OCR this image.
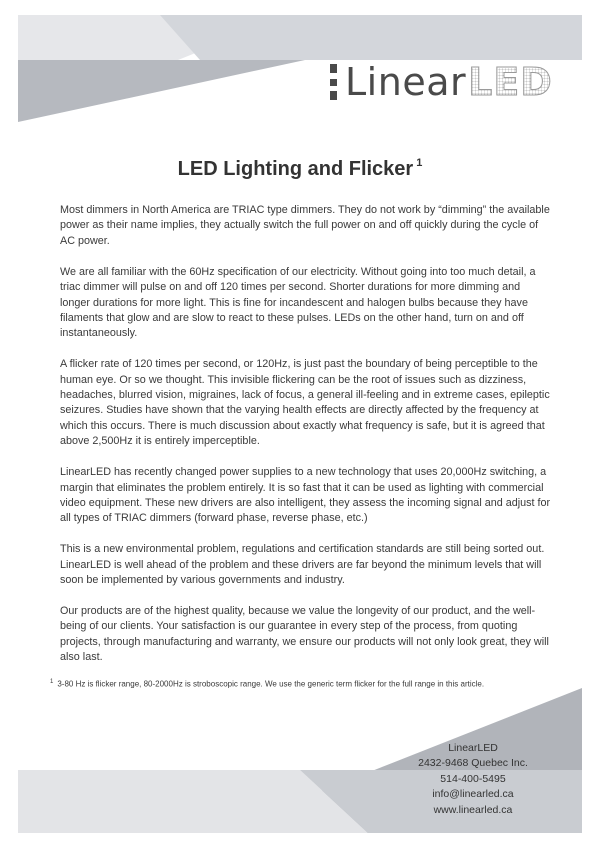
Linear LED
LED Lighting and Flicker $^1$

Most dimmers in North America are TRIAC type dimmers. They do not work by “dimming” the available power as their name implies, they actually switch the full power on and off quickly during the cycle of AC power.

We are all familiar with the 60Hz specification of our electricity. Without going into too much detail, a triac dimmer will pulse on and off 120 times per second. Shorter durations for more dimming and longer durations for more light. This is fine for incandescent and halogen bulbs because they have filaments that glow and are slow to react to these pulses. LEDs on the other hand, turn on and off instantaneously.

A flicker rate of 120 times per second, or 120Hz, is just past the boundary of being perceptible to the human eye. Or so we thought. This invisible flickering can be the root of issues such as dizziness, headaches, blurred vision, migraines, lack of focus, a general ill-feeling and in extreme cases, epileptic seizures. Studies have shown that the varying health effects are directly affected by the frequency at which this occurs. There is much discussion about exactly what frequency is safe, but it is agreed that above 2,500Hz it is entirely imperceptible.

LinearLED has recently changed power supplies to a new technology that uses 20,000Hz switching, a margin that eliminates the problem entirely. It is so fast that it can be used as lighting with commercial video equipment. These new drivers are also intelligent, they assess the incoming signal and adjust for all types of TRIAC dimmers (forward phase, reverse phase, etc.)

This is a new environmental problem, regulations and certification standards are still being sorted out. LinearLED is well ahead of the problem and these drivers are far beyond the minimum levels that will soon be implemented by various governments and industry.

Our products are of the highest quality, because we value the longevity of our product, and the well-being of our clients. Your satisfaction is our guarantee in every step of the process, from quoting projects, through manufacturing and warranty, we ensure our products will not only look great, they will also last.

$^1$ 3-80 Hz is flicker range, 80-2000Hz is stroboscopic range. We use the generic term flicker for the full range in this article.
LinearLED
2432-9468 Quebec Inc.
514-400-5495
info@linearled.ca
www.linearled.ca
